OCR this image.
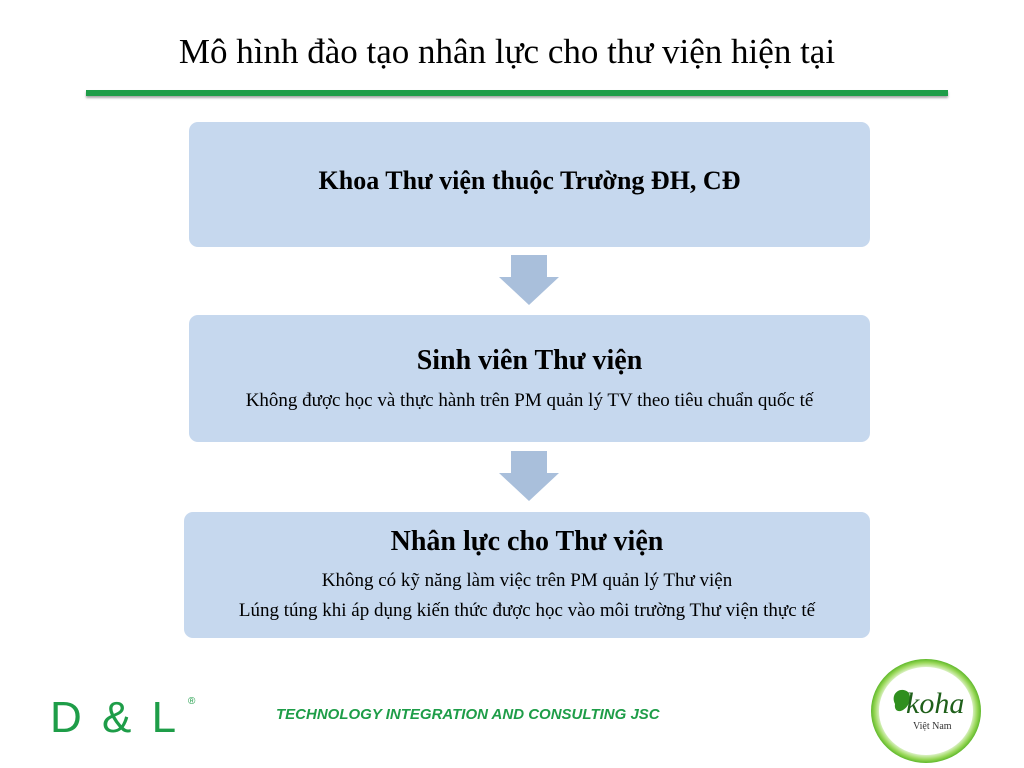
Mô hình đào tạo nhân lực cho thư viện hiện tại
Khoa Thư viện thuộc Trường ĐH, CĐ
Sinh viên Thư viện
Không được học và thực hành trên PM quản lý TV theo tiêu chuẩn quốc tế
Nhân lực cho Thư viện
Không có kỹ năng làm việc trên PM quản lý Thư viện
Lúng túng khi áp dụng kiến thức được học vào môi trường Thư viện thực tế
D & L ®
TECHNOLOGY INTEGRATION AND CONSULTING JSC	koha
Việt Nam
